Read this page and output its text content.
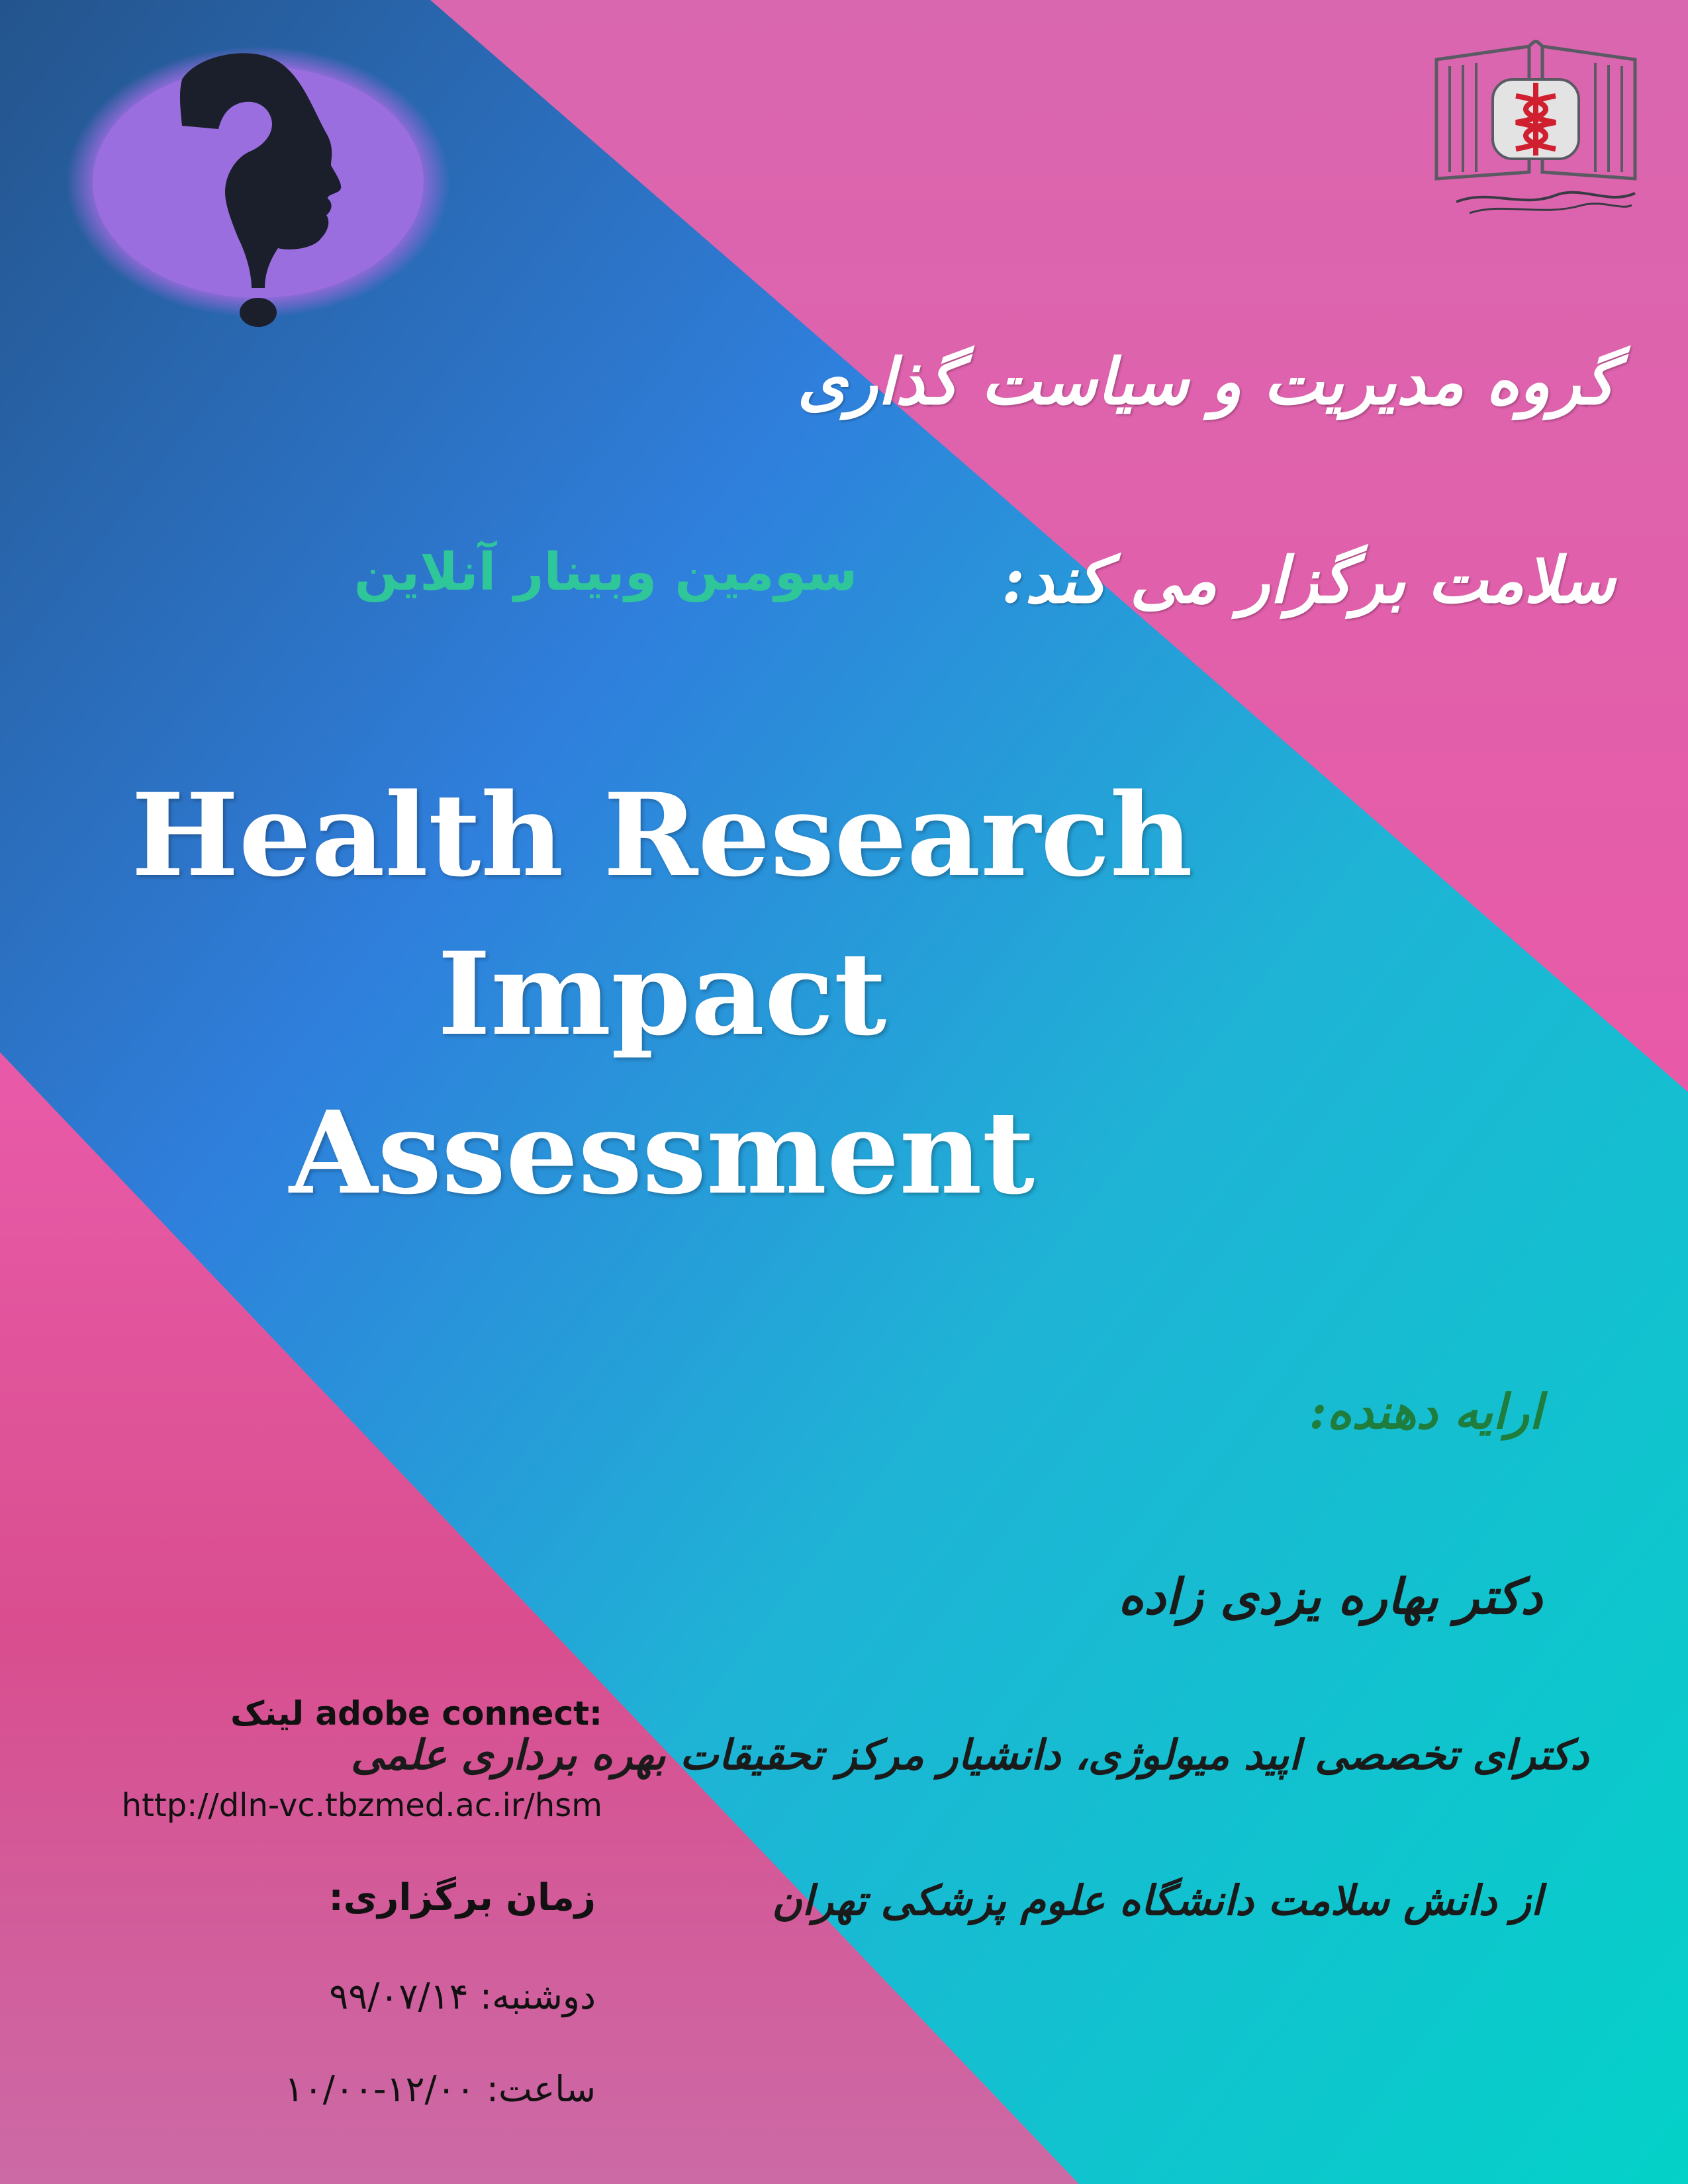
گروه مدیریت و سیاست گذاری
سلامت برگزار می کند:
سومین وبینار آنلاین
Health Research
Impact
Assessment
ارایه دهنده:
دکتر بهاره یزدی زاده
دکترای تخصصی اپید میولوژی، دانشیار مرکز تحقیقات بهره برداری علمی
از دانش سلامت دانشگاه علوم پزشکی تهران
لینک adobe connect:
http://dln-vc.tbzmed.ac.ir/hsm
زمان برگزاری:
دوشنبه: ۹۹/۰۷/۱۴
ساعت: ۱۲/۰۰-۱۰/۰۰
